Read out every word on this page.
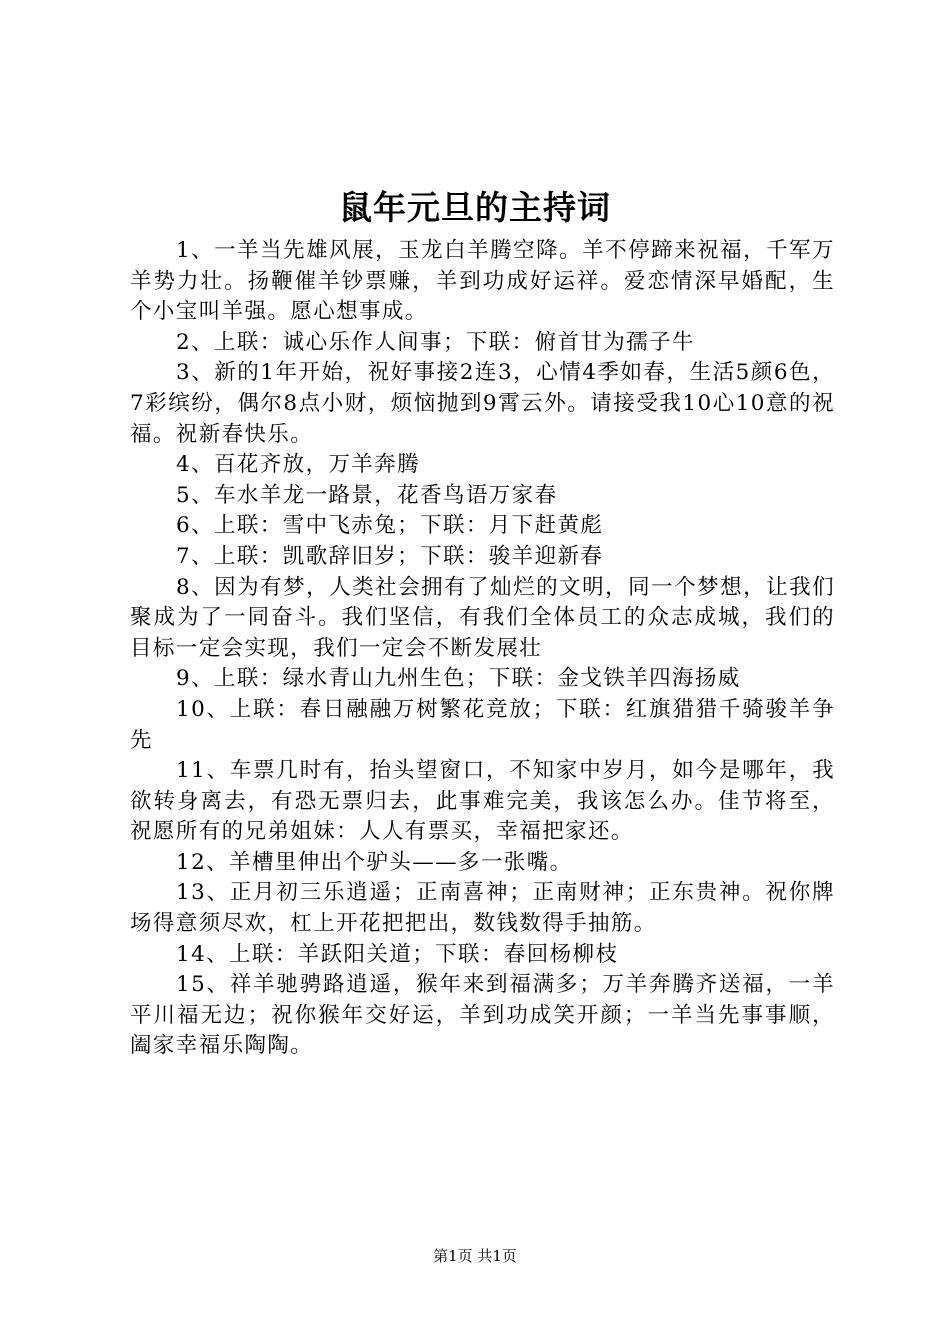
鼠年元旦的主持词

1、一羊当先雄风展，玉龙白羊腾空降。羊不停蹄来祝福，千军万羊势力壮。扬鞭催羊钞票赚，羊到功成好运祥。爱恋情深早婚配，生个小宝叫羊强。愿心想事成。

2、上联：诚心乐作人间事；下联：俯首甘为孺子牛

3、新的1年开始，祝好事接2连3，心情4季如春，生活5颜6色，7彩缤纷，偶尔8点小财，烦恼抛到9霄云外。请接受我10心10意的祝福。祝新春快乐。

4、百花齐放，万羊奔腾

5、车水羊龙一路景，花香鸟语万家春

6、上联：雪中飞赤兔；下联：月下赶黄彪

7、上联：凯歌辞旧岁；下联：骏羊迎新春

8、因为有梦，人类社会拥有了灿烂的文明，同一个梦想，让我们聚成为了一同奋斗。我们坚信，有我们全体员工的众志成城，我们的目标一定会实现，我们一定会不断发展壮

9、上联：绿水青山九州生色；下联：金戈铁羊四海扬威

10、上联：春日融融万树繁花竞放；下联：红旗猎猎千骑骏羊争先

11、车票几时有，抬头望窗口，不知家中岁月，如今是哪年，我欲转身离去，有恐无票归去，此事难完美，我该怎么办。佳节将至，祝愿所有的兄弟姐妹：人人有票买，幸福把家还。

12、羊槽里伸出个驴头——多一张嘴。

13、正月初三乐逍遥；正南喜神；正南财神；正东贵神。祝你牌场得意须尽欢，杠上开花把把出，数钱数得手抽筋。

14、上联：羊跃阳关道；下联：春回杨柳枝

15、祥羊驰骋路逍遥，猴年来到福满多；万羊奔腾齐送福，一羊平川福无边；祝你猴年交好运，羊到功成笑开颜；一羊当先事事顺，阖家幸福乐陶陶。

第1页 共1页
